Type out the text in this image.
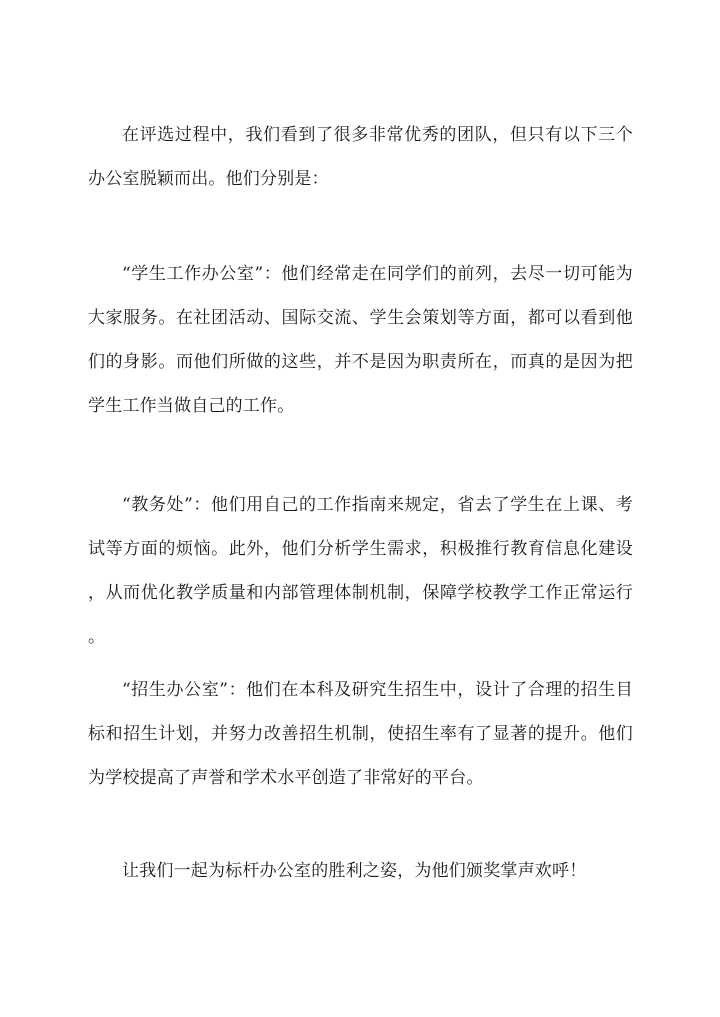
在评选过程中，我们看到了很多非常优秀的团队，但只有以下三个办公室脱颖而出。他们分别是：

“学生工作办公室”：他们经常走在同学们的前列，去尽一切可能为大家服务。在社团活动、国际交流、学生会策划等方面，都可以看到他们的身影。而他们所做的这些，并不是因为职责所在，而真的是因为把学生工作当做自己的工作。

“教务处”：他们用自己的工作指南来规定，省去了学生在上课、考试等方面的烦恼。此外，他们分析学生需求，积极推行教育信息化建设，从而优化教学质量和内部管理体制机制，保障学校教学工作正常运行。

“招生办公室”：他们在本科及研究生招生中，设计了合理的招生目标和招生计划，并努力改善招生机制，使招生率有了显著的提升。他们为学校提高了声誉和学术水平创造了非常好的平台。

让我们一起为标杆办公室的胜利之姿，为他们颁奖掌声欢呼！
